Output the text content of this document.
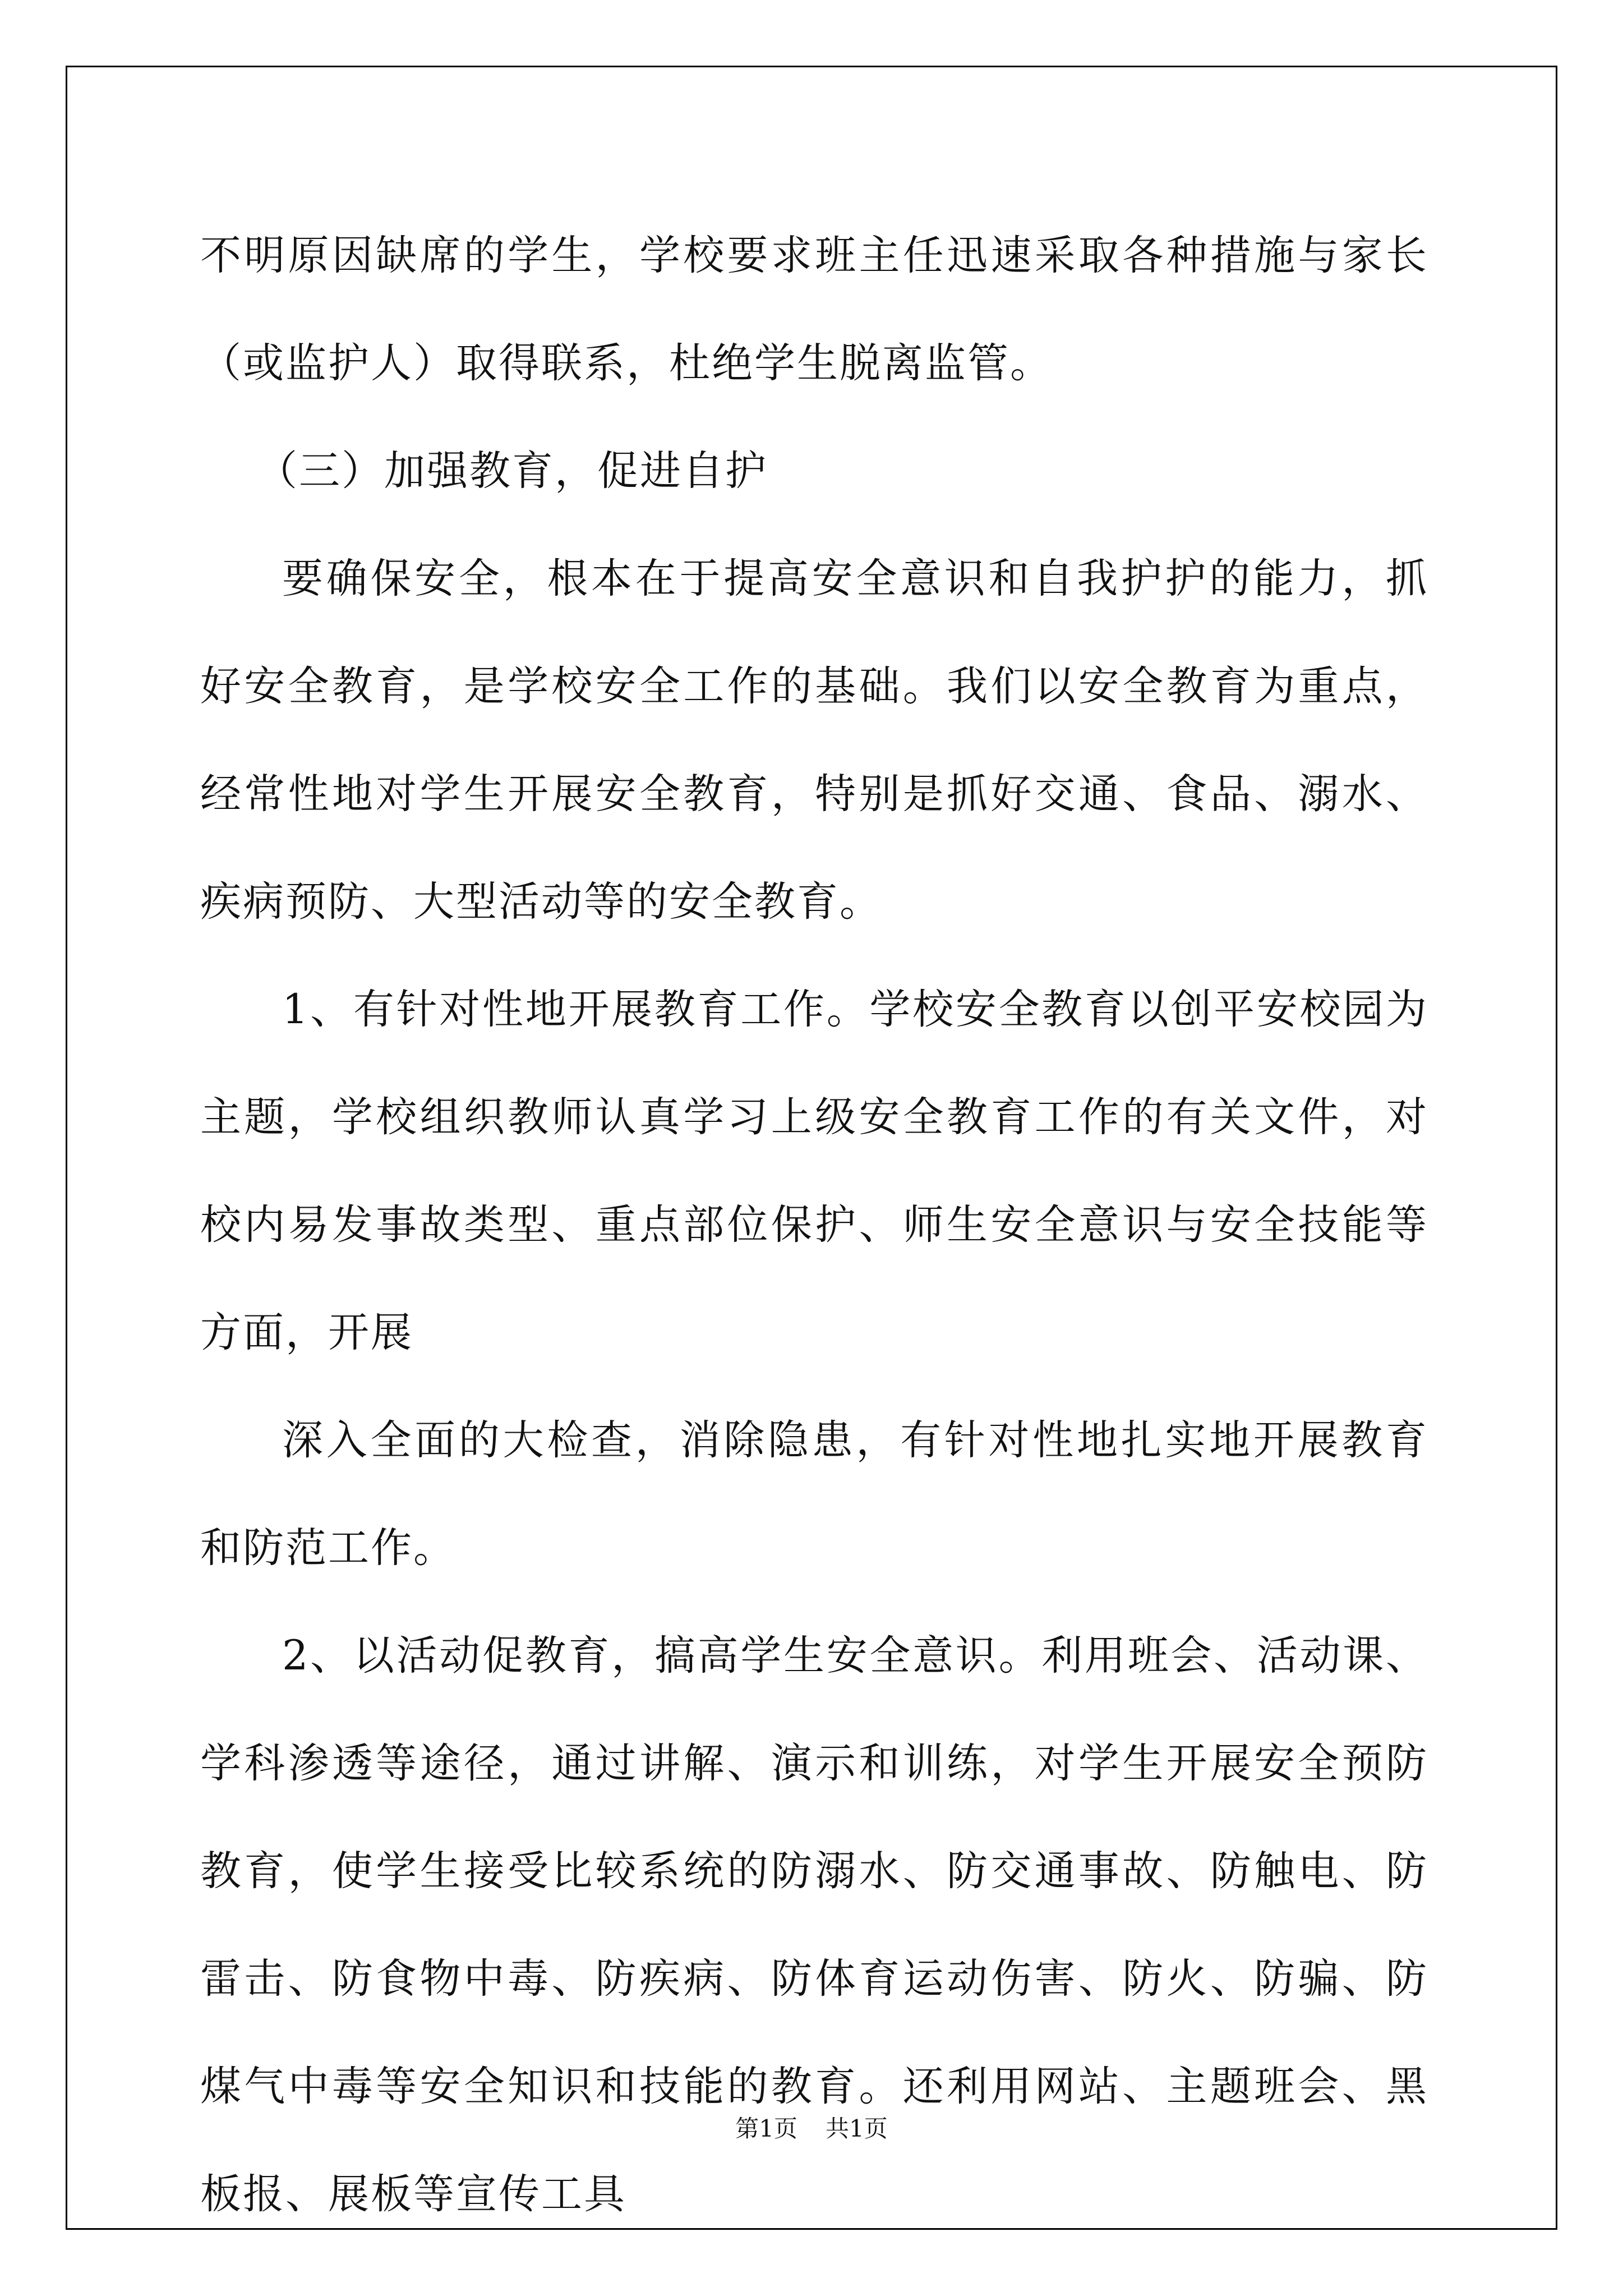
不明原因缺席的学生，学校要求班主任迅速采取各种措施与家长（或监护人）取得联系，杜绝学生脱离监管。

（三）加强教育，促进自护

要确保安全，根本在于提高安全意识和自我护护的能力，抓好安全教育，是学校安全工作的基础。我们以安全教育为重点，经常性地对学生开展安全教育，特别是抓好交通、食品、溺水、疾病预防、大型活动等的安全教育。

1、有针对性地开展教育工作。学校安全教育以创平安校园为主题，学校组织教师认真学习上级安全教育工作的有关文件，对校内易发事故类型、重点部位保护、师生安全意识与安全技能等方面，开展

深入全面的大检查，消除隐患，有针对性地扎实地开展教育和防范工作。

2、以活动促教育，搞高学生安全意识。利用班会、活动课、学科渗透等途径，通过讲解、演示和训练，对学生开展安全预防教育，使学生接受比较系统的防溺水、防交通事故、防触电、防雷击、防食物中毒、防疾病、防体育运动伤害、防火、防骗、防煤气中毒等安全知识和技能的教育。还利用网站、主题班会、黑板报、展板等宣传工具

第1页 共1页
